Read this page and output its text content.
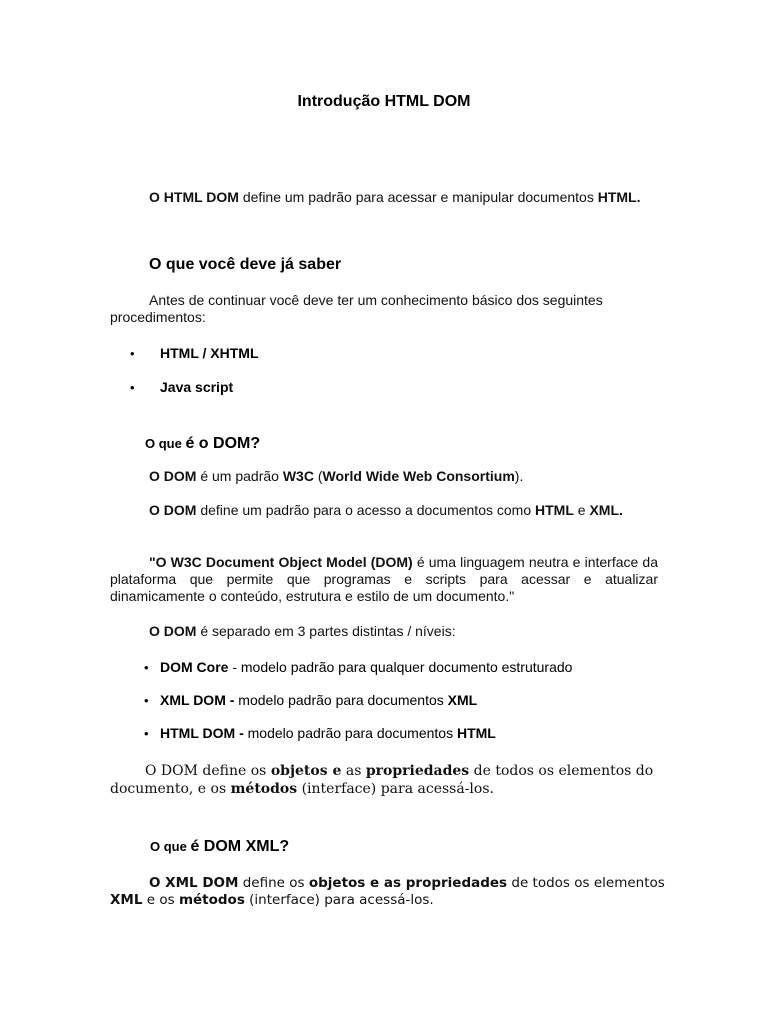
Introdução HTML DOM

O HTML DOM define um padrão para acessar e manipular documentos HTML.

O que você deve já saber

Antes de continuar você deve ter um conhecimento básico dos seguintes procedimentos:

• HTML / XHTML
• Java script
O que é o DOM?

O DOM é um padrão W3C (World Wide Web Consortium).

O DOM define um padrão para o acesso a documentos como HTML e XML.

"O W3C Document Object Model (DOM) é uma linguagem neutra e interface da plataforma que permite que programas e scripts para acessar e atualizar dinamicamente o conteúdo, estrutura e estilo de um documento."

O DOM é separado em 3 partes distintas / níveis:

• DOM Core - modelo padrão para qualquer documento estruturado
• XML DOM - modelo padrão para documentos XML
• HTML DOM - modelo padrão para documentos HTML

O DOM define os objetos e as propriedades de todos os elementos do documento, e os métodos (interface) para acessá-los.

O que é DOM XML?

O XML DOM define os objetos e as propriedades de todos os elementos XML e os métodos (interface) para acessá-los.
